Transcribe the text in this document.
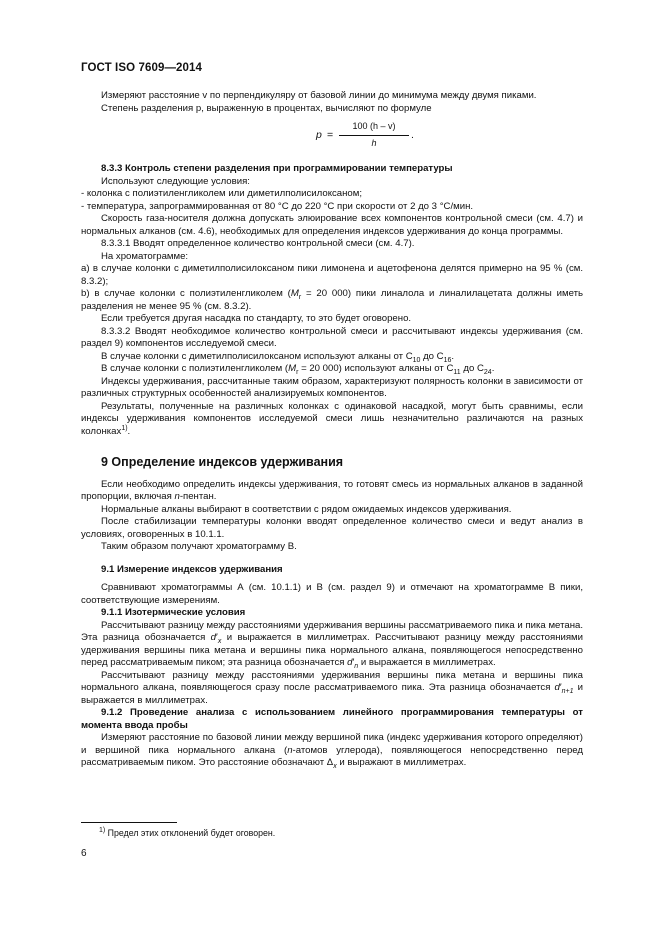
ГОСТ ISO 7609—2014

Измеряют расстояние v по перпендикуляру от базовой линии до минимума между двумя пиками.

Степень разделения p, выраженную в процентах, вычисляют по формуле

$p = \frac{100 (h - v)}{h}$ .

8.3.3 Контроль степени разделения при программировании температуры

Используют следующие условия:

- колонка с полиэтиленгликолем или диметилполисилоксаном;

- температура, запрограммированная от 80 °С до 220 °С при скорости от 2 до 3 °С/мин.

Скорость газа-носителя должна допускать элюирование всех компонентов контрольной смеси (см. 4.7) и нормальных алканов (см. 4.6), необходимых для определения индексов удерживания до конца программы.

8.3.3.1 Вводят определенное количество контрольной смеси (см. 4.7).

На хроматограмме:

а) в случае колонки с диметилполисилоксаном пики лимонена и ацетофенона делятся примерно на 95 % (см. 8.3.2);

b) в случае колонки с полиэтиленгликолем ($M_r = 20$ 000) пики линалола и линалилацетата должны иметь разделения не менее 95 % (см. 8.3.2).

Если требуется другая насадка по стандарту, то это будет оговорено.

8.3.3.2 Вводят необходимое количество контрольной смеси и рассчитывают индексы удерживания (см. раздел 9) компонентов исследуемой смеси.

В случае колонки с диметилполисилоксаном используют алканы от $С_{10}$ до $С_{16}$.

В случае колонки с полиэтиленгликолем ($M_r = 20$ 000) используют алканы от $С_{11}$ до $С_{24}$.

Индексы удерживания, рассчитанные таким образом, характеризуют полярность колонки в зависимости от различных структурных особенностей анализируемых компонентов.

Результаты, полученные на различных колонках с одинаковой насадкой, могут быть сравнимы, если индексы удерживания компонентов исследуемой смеси лишь незначительно различаются на разных колонках$^{1)}$.

9 Определение индексов удерживания

Если необходимо определить индексы удерживания, то готовят смесь из нормальных алканов в заданной пропорции, включая n-пентан.

Нормальные алканы выбирают в соответствии с рядом ожидаемых индексов удерживания.

После стабилизации температуры колонки вводят определенное количество смеси и ведут анализ в условиях, оговоренных в 10.1.1.

Таким образом получают хроматограмму В.

9.1 Измерение индексов удерживания

Сравнивают хроматограммы А (см. 10.1.1) и В (см. раздел 9) и отмечают на хроматограмме В пики, соответствующие измерениям.

9.1.1 Изотермические условия

Рассчитывают разницу между расстояниями удерживания вершины рассматриваемого пика и пика метана. Эта разница обозначается $d'_x$ и выражается в миллиметрах. Рассчитывают разницу между расстояниями удерживания вершины пика метана и вершины пика нормального алкана, появляющегося непосредственно перед рассматриваемым пиком; эта разница обозначается $d'_n$ и выражается в миллиметрах.

Рассчитывают разницу между расстояниями удерживания вершины пика метана и вершины пика нормального алкана, появляющегося сразу после рассматриваемого пика. Эта разница обозначается $d'_{n+1}$ и выражается в миллиметрах.

9.1.2 Проведение анализа с использованием линейного программирования температуры от момента ввода пробы

Измеряют расстояние по базовой линии между вершиной пика (индекс удерживания которого определяют) и вершиной пика нормального алкана (n-атомов углерода), появляющегося непосредственно перед рассматриваемым пиком. Это расстояние обозначают $\Delta_x$ и выражают в миллиметрах.

$^{1)}$ Предел этих отклонений будет оговорен.
6
